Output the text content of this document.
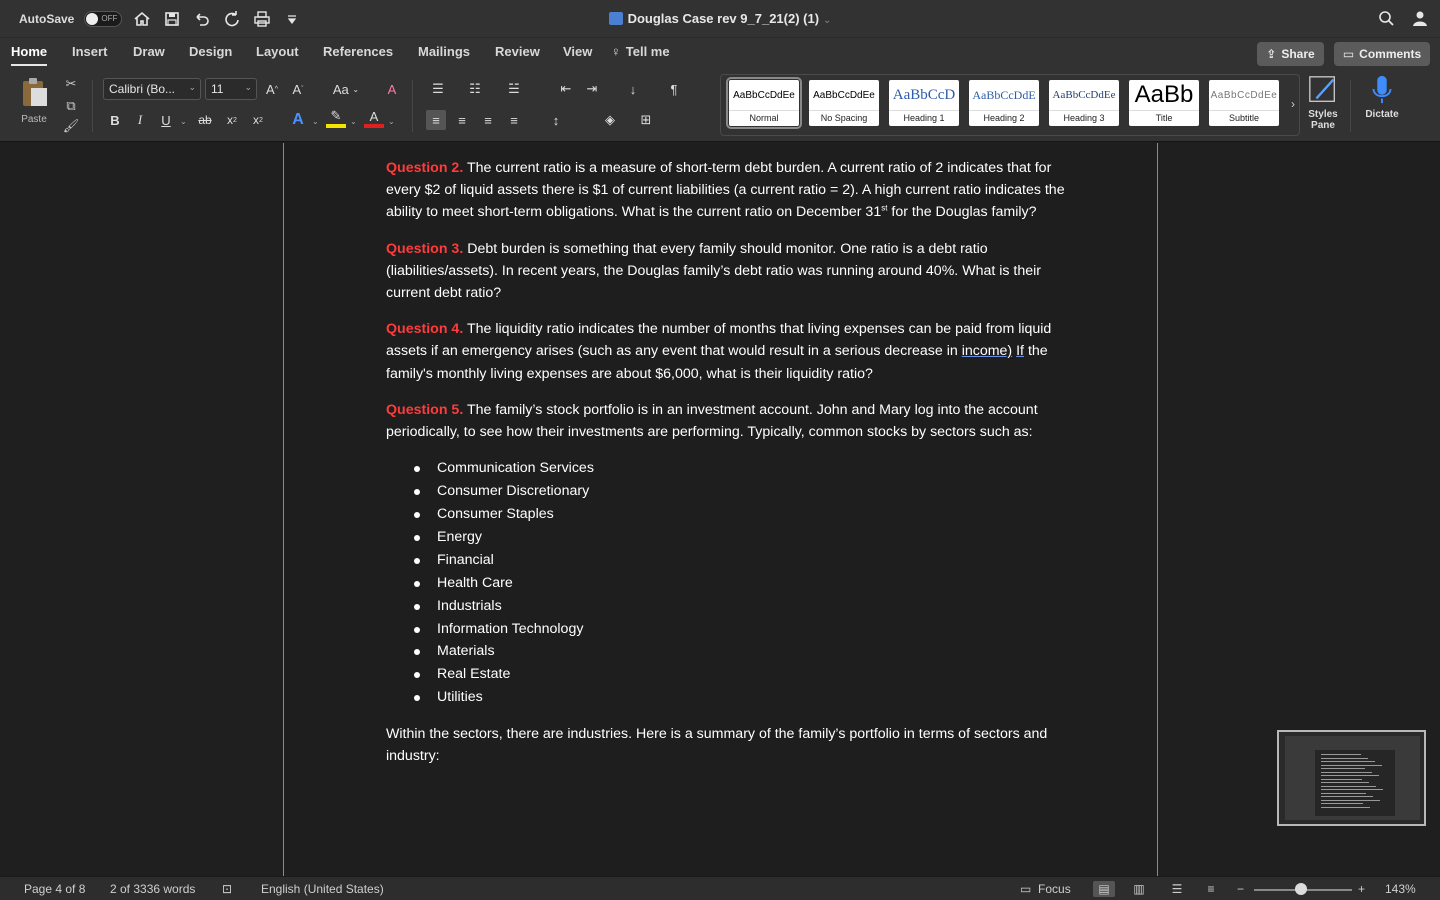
AutoSave	OFF	Douglas Case rev 9_7_21(2) (1) ⌄
Home Insert Draw Design Layout References Mailings Review View ♀ Tell me	⇪ Share ▭ Comments
Paste
✂
⧉
🖌
Calibri (Bo... ⌄	11 ⌄	A ^	A ˇ Aa
⌄ A
B	I	U	⌄ ab	x 2	x 2 A	⌄ ✎	⌄ A	⌄
☰	☷	☱	⇤	⇥	↓	¶
≡	≡	≡	≡	↕	◈	⊞
AaBbCcDdEe
Normal
AaBbCcDdEe
No Spacing
AaBbCcD
Heading 1
AaBbCcDdE
Heading 2
AaBbCcDdEe
Heading 3
AaBb
Title
AaBbCcDdEe
Subtitle
›
Styles
Pane
Dictate

Question 2. The current ratio is a measure of short-term debt burden. A current ratio of 2 indicates that for every $2 of liquid assets there is $1 of current liabilities (a current ratio = 2). A high current ratio indicates the ability to meet short-term obligations. What is the current ratio on December 31st for the Douglas family?

Question 3. Debt burden is something that every family should monitor. One ratio is a debt ratio (liabilities/assets). In recent years, the Douglas family’s debt ratio was running around 40%. What is their current debt ratio?

Question 4. The liquidity ratio indicates the number of months that living expenses can be paid from liquid assets if an emergency arises (such as any event that would result in a serious decrease in income) If the family's monthly living expenses are about $6,000, what is their liquidity ratio?

Question 5. The family’s stock portfolio is in an investment account. John and Mary log into the account periodically, to see how their investments are performing. Typically, common stocks by sectors such as:

Communication Services
Consumer Discretionary
Consumer Staples
Energy
Financial
Health Care
Industrials
Information Technology
Materials
Real Estate
Utilities

Within the sectors, there are industries. Here is a summary of the family’s portfolio in terms of sectors and industry:

Page 4 of 8 2 of 3336 words ⊡ English (United States)	▭ Focus	▤	▥	☰	≡	−	+ 143%
